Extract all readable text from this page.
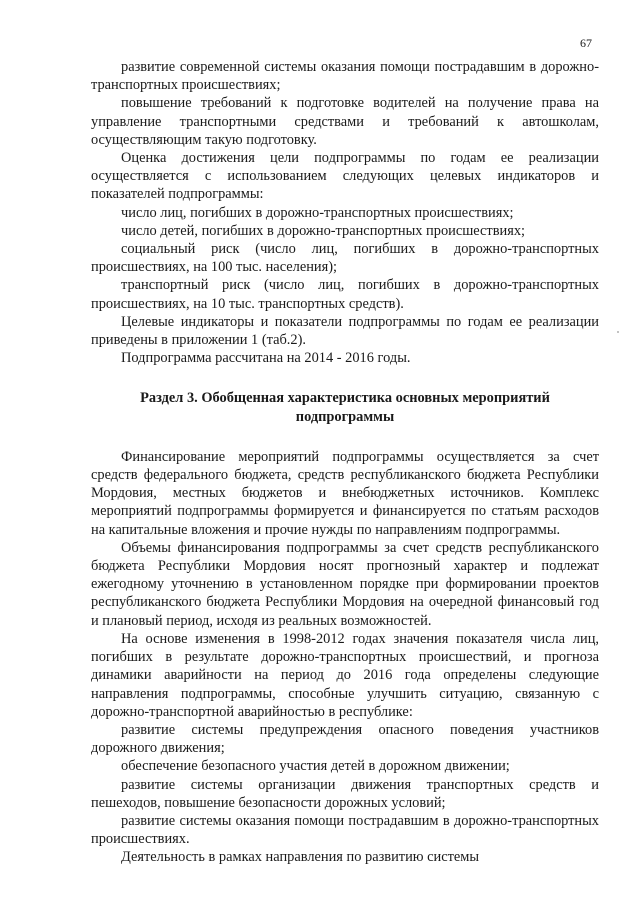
67

развитие современной системы оказания помощи пострадавшим в дорожно-транспортных происшествиях;

повышение требований к подготовке водителей на получение права на управление транспортными средствами и требований к автошколам, осуществляющим такую подготовку.

Оценка достижения цели подпрограммы по годам ее реализации осуществляется с использованием следующих целевых индикаторов и показателей подпрограммы:

число лиц, погибших в дорожно-транспортных происшествиях;

число детей, погибших в дорожно-транспортных происшествиях;

социальный риск (число лиц, погибших в дорожно-транспортных происшествиях, на 100 тыс. населения);

транспортный риск (число лиц, погибших в дорожно-транспортных происшествиях, на 10 тыс. транспортных средств).

Целевые индикаторы и показатели подпрограммы по годам ее реализации приведены в приложении 1 (таб.2).

Подпрограмма рассчитана на 2014 - 2016 годы.

Раздел 3. Обобщенная характеристика основных мероприятий
подпрограммы

Финансирование мероприятий подпрограммы осуществляется за счет средств федерального бюджета, средств республиканского бюджета Республики Мордовия, местных бюджетов и внебюджетных источников. Комплекс мероприятий подпрограммы формируется и финансируется по статьям расходов на капитальные вложения и прочие нужды по направлениям подпрограммы.

Объемы финансирования подпрограммы за счет средств республиканского бюджета Республики Мордовия носят прогнозный характер и подлежат ежегодному уточнению в установленном порядке при формировании проектов республиканского бюджета Республики Мордовия на очередной финансовый год и плановый период, исходя из реальных возможностей.

На основе изменения в 1998-2012 годах значения показателя числа лиц, погибших в результате дорожно-транспортных происшествий, и прогноза динамики аварийности на период до 2016 года определены следующие направления подпрограммы, способные улучшить ситуацию, связанную с дорожно-транспортной аварийностью в республике:

развитие системы предупреждения опасного поведения участников дорожного движения;

обеспечение безопасного участия детей в дорожном движении;

развитие системы организации движения транспортных средств и пешеходов, повышение безопасности дорожных условий;

развитие системы оказания помощи пострадавшим в дорожно-транспортных происшествиях.

Деятельность в рамках направления по развитию системы
